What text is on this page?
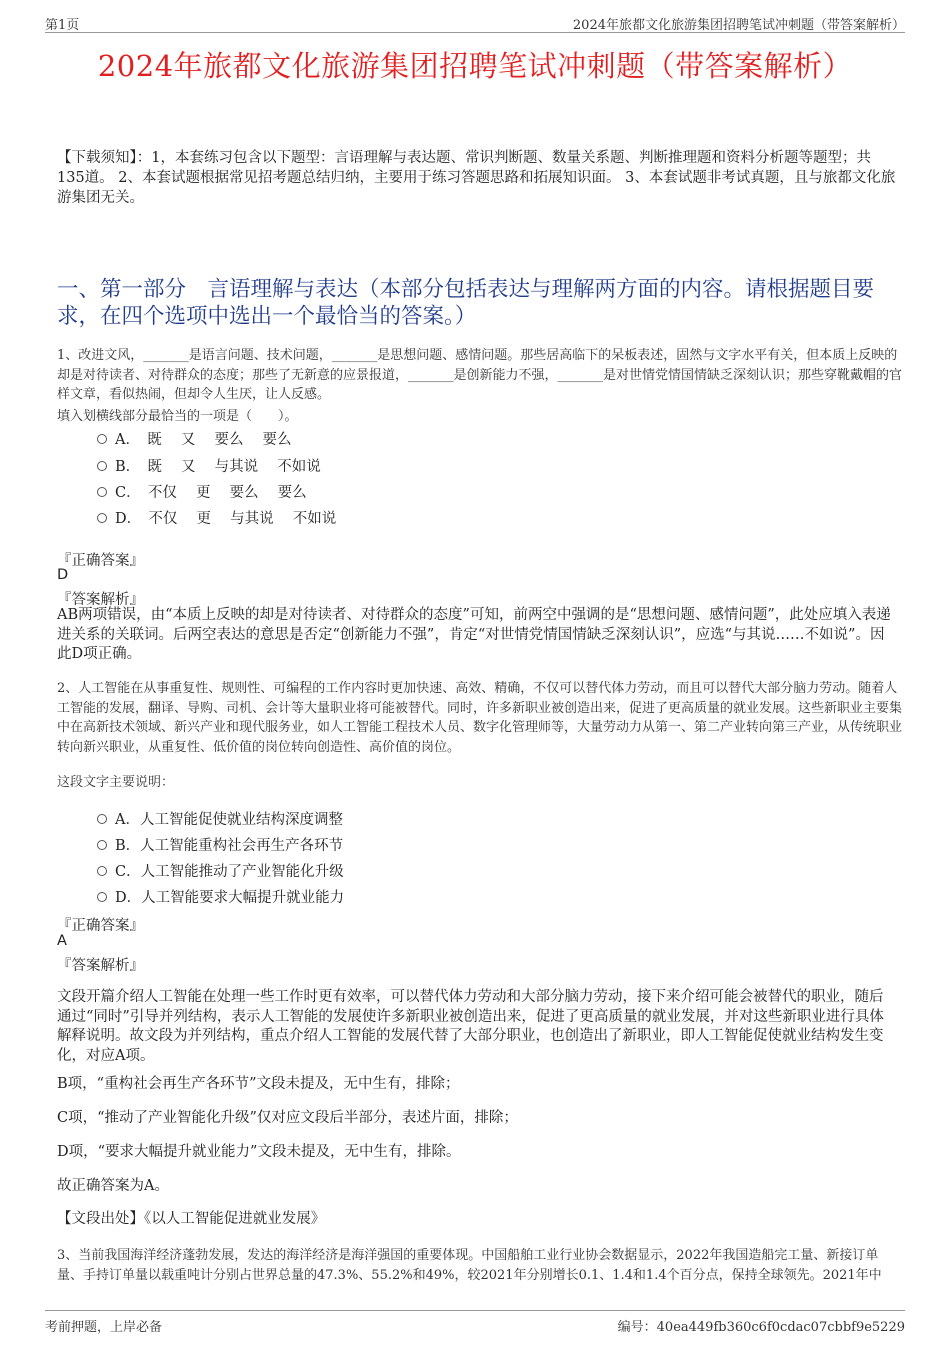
第1页	2024年旅都文化旅游集团招聘笔试冲刺题（带答案解析）
2024年旅都文化旅游集团招聘笔试冲刺题（带答案解析）
【下载须知】：1，本套练习包含以下题型：言语理解与表达题、常识判断题、数量关系题、判断推理题和资料分析题等题型；共135道。 2、本套试题根据常见招考题总结归纳，主要用于练习答题思路和拓展知识面。 3、本套试题非考试真题，且与旅都文化旅游集团无关。
一、第一部分　言语理解与表达（本部分包括表达与理解两方面的内容。请根据题目要求，在四个选项中选出一个最恰当的答案。）
1、改进文风，_______是语言问题、技术问题，_______是思想问题、感情问题。那些居高临下的呆板表述，固然与文字水平有关，但本质上反映的却是对待读者、对待群众的态度；那些了无新意的应景报道，_______是创新能力不强，_______是对世情党情国情缺乏深刻认识；那些穿靴戴帽的官样文章，看似热闹，但却令人生厌，让人反感。
填入划横线部分最恰当的一项是（　　）。
A．　既　 又　 要么　 要么
B．　既　 又　 与其说　 不如说
C．　不仅　 更　 要么　 要么
D．　不仅　 更　 与其说　 不如说
『正确答案』
D
『答案解析』
AB两项错误，由“本质上反映的却是对待读者、对待群众的态度”可知，前两空中强调的是“思想问题、感情问题”，此处应填入表递进关系的关联词。后两空表达的意思是否定“创新能力不强”，肯定“对世情党情国情缺乏深刻认识”，应选“与其说……不如说”。因此D项正确。
2、人工智能在从事重复性、规则性、可编程的工作内容时更加快速、高效、精确，不仅可以替代体力劳动，而且可以替代大部分脑力劳动。随着人工智能的发展，翻译、导购、司机、会计等大量职业将可能被替代。同时，许多新职业被创造出来，促进了更高质量的就业发展。这些新职业主要集中在高新技术领域、新兴产业和现代服务业，如人工智能工程技术人员、数字化管理师等，大量劳动力从第一、第二产业转向第三产业，从传统职业转向新兴职业，从重复性、低价值的岗位转向创造性、高价值的岗位。
这段文字主要说明：
A．人工智能促使就业结构深度调整
B．人工智能重构社会再生产各环节
C．人工智能推动了产业智能化升级
D．人工智能要求大幅提升就业能力
『正确答案』
A
『答案解析』
文段开篇介绍人工智能在处理一些工作时更有效率，可以替代体力劳动和大部分脑力劳动，接下来介绍可能会被替代的职业，随后通过“同时”引导并列结构，表示人工智能的发展使许多新职业被创造出来，促进了更高质量的就业发展，并对这些新职业进行具体解释说明。故文段为并列结构，重点介绍人工智能的发展代替了大部分职业，也创造出了新职业，即人工智能促使就业结构发生变化，对应A项。
B项，“重构社会再生产各环节”文段未提及，无中生有，排除；
C项，“推动了产业智能化升级”仅对应文段后半部分，表述片面，排除；
D项，“要求大幅提升就业能力”文段未提及，无中生有，排除。
故正确答案为A。
【文段出处】《以人工智能促进就业发展》
3、当前我国海洋经济蓬勃发展，发达的海洋经济是海洋强国的重要体现。中国船舶工业行业协会数据显示，2022年我国造船完工量、新接订单量、手持订单量以载重吨计分别占世界总量的47.3%、55.2%和49%，较2021年分别增长0.1、1.4和1.4个百分点，保持全球领先。2021年中
考前押题，上岸必备	编号：40ea449fb360c6f0cdac07cbbf9e5229
